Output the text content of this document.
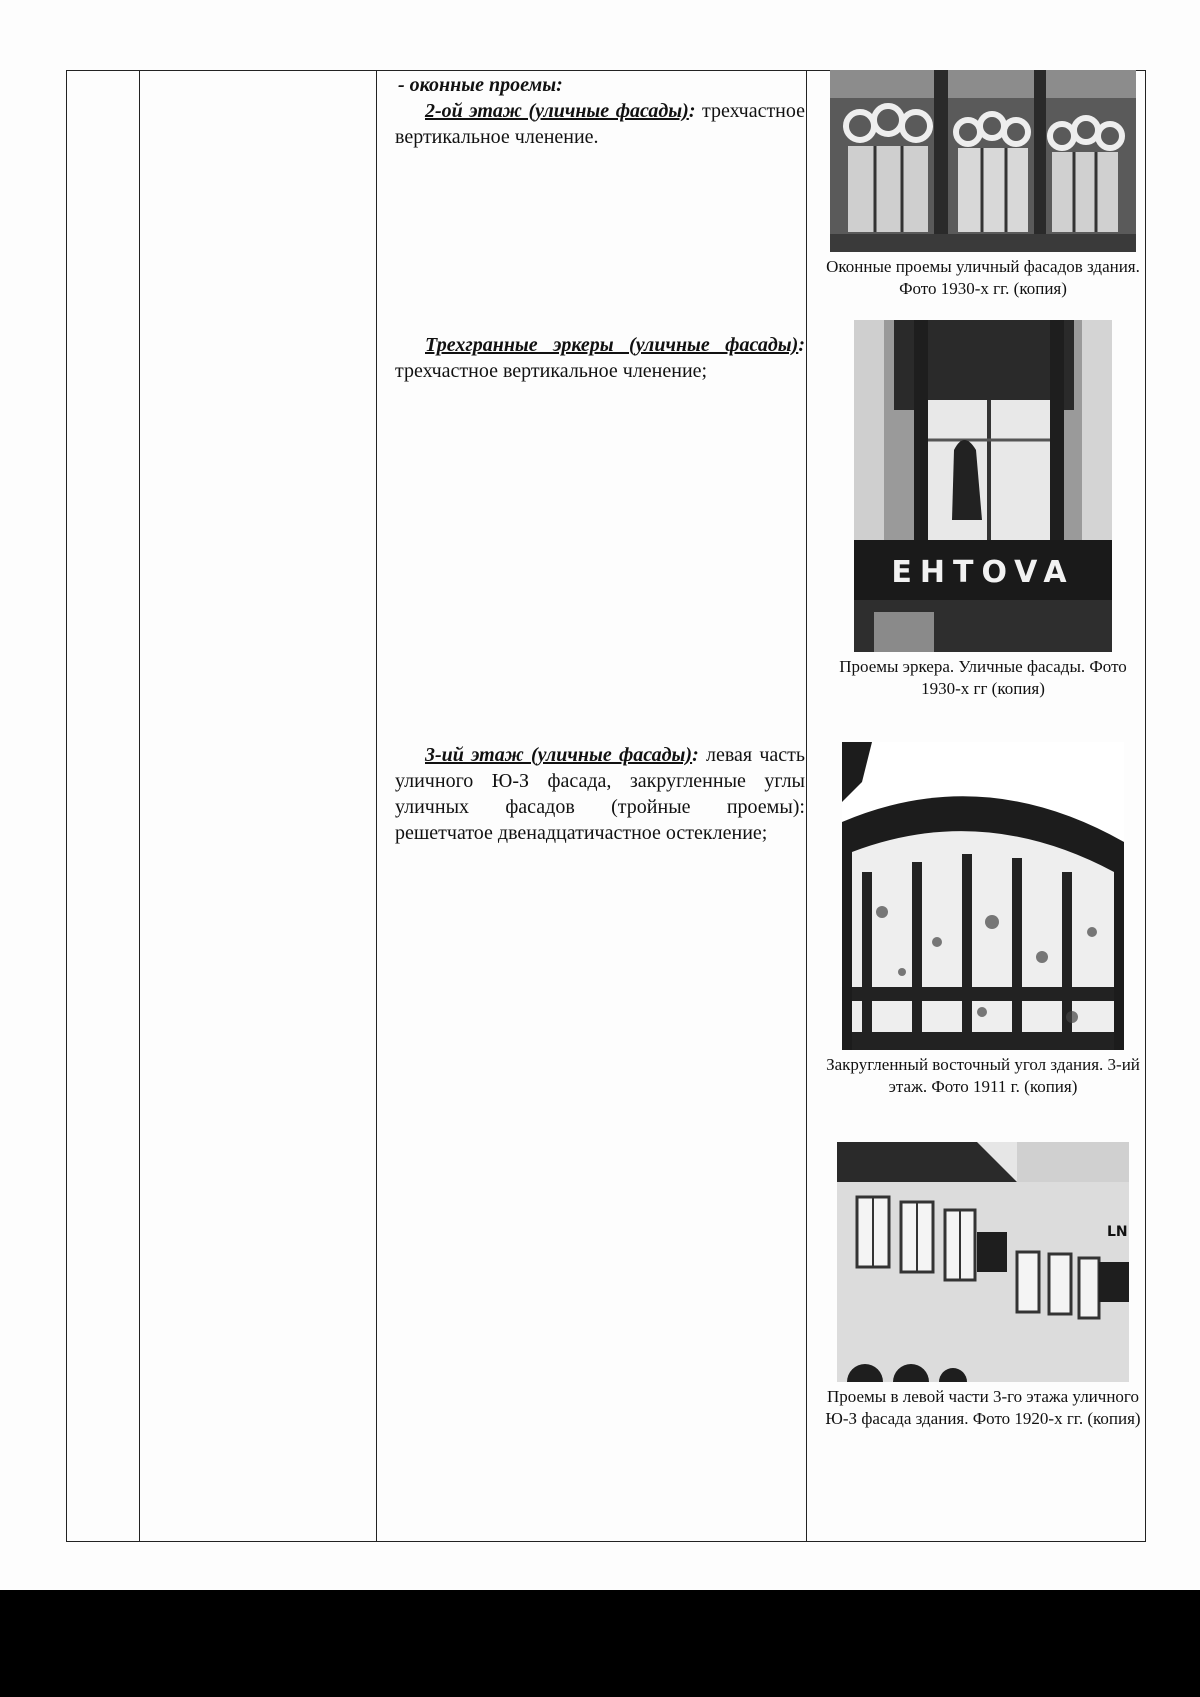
- оконные проемы:

2-ой этаж (уличные фасады): трехчастное вертикальное членение.

Трехгранные эркеры (уличные фасады): трехчастное вертикальное членение;

3-ий этаж (уличные фасады): левая часть уличного Ю-З фасада, закругленные углы уличных фасадов (тройные проемы): решетчатое двенадцатичастное остекление;

Оконные проемы уличный фасадов здания. Фото 1930-х гг. (копия)
EHTOVA
Проемы эркера. Уличные фасады. Фото 1930-х гг (копия)
Закругленный восточный угол здания. 3-ий этаж. Фото 1911 г. (копия)
LN
Проемы в левой части 3-го этажа уличного Ю-З фасада здания. Фото 1920-х гг. (копия)
